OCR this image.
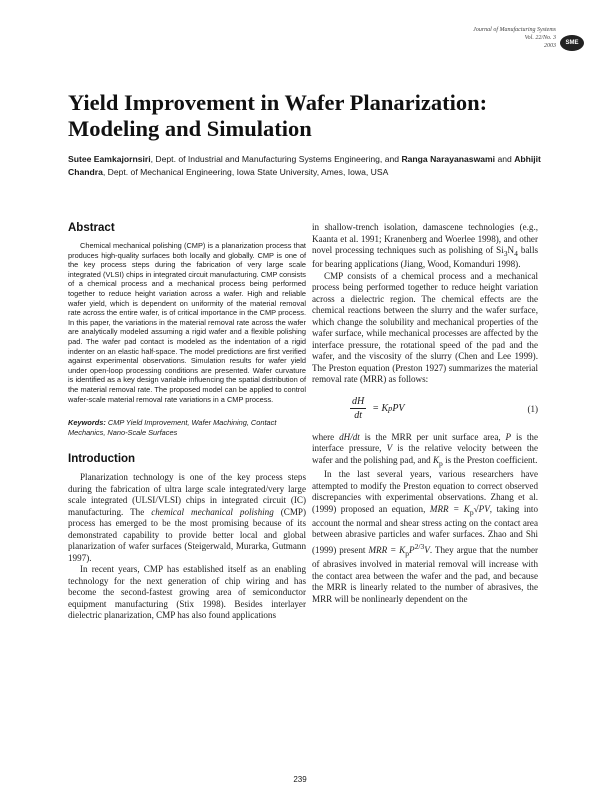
Journal of Manufacturing Systems
Vol. 22/No. 3
2003	SME
Yield Improvement in Wafer Planarization: Modeling and Simulation
Sutee Eamkajornsiri, Dept. of Industrial and Manufacturing Systems Engineering, and Ranga Narayanaswami and Abhijit Chandra, Dept. of Mechanical Engineering, Iowa State University, Ames, Iowa, USA
Abstract

Chemical mechanical polishing (CMP) is a planarization process that produces high-quality surfaces both locally and globally. CMP is one of the key process steps during the fabrication of very large scale integrated (VLSI) chips in integrated circuit manufacturing. CMP consists of a chemical process and a mechanical process being performed together to reduce height variation across a wafer. High and reliable wafer yield, which is dependent on uniformity of the material removal rate across the entire wafer, is of critical importance in the CMP process. In this paper, the variations in the material removal rate across the wafer are analytically modeled assuming a rigid wafer and a flexible polishing pad. The wafer pad contact is modeled as the indentation of a rigid indenter on an elastic half-space. The model predictions are first verified against experimental observations. Simulation results for wafer yield under open-loop processing conditions are presented. Wafer curvature is identified as a key design variable influencing the spatial distribution of the material removal rate. The proposed model can be applied to control wafer-scale material removal rate variations in a CMP process.

Keywords: CMP Yield Improvement, Wafer Machining, Contact Mechanics, Nano-Scale Surfaces

Introduction

Planarization technology is one of the key process steps during the fabrication of ultra large scale integrated/very large scale integrated (ULSI/VLSI) chips in integrated circuit (IC) manufacturing. The chemical mechanical polishing (CMP) process has emerged to be the most promising because of its demonstrated capability to provide better local and global planarization of wafer surfaces (Steigerwald, Murarka, Gutmann 1997).

In recent years, CMP has established itself as an enabling technology for the next generation of chip wiring and has become the second-fastest growing area of semiconductor equipment manufacturing (Stix 1998). Besides interlayer dielectric planarization, CMP has also found applications

in shallow-trench isolation, damascene technologies (e.g., Kaanta et al. 1991; Kranenberg and Woerlee 1998), and other novel processing techniques such as polishing of $Si_3N_4$ balls for bearing applications (Jiang, Wood, Komanduri 1998).

CMP consists of a chemical process and a mechanical process being performed together to reduce height variation across a dielectric region. The chemical effects are the chemical reactions between the slurry and the wafer surface, which change the solubility and mechanical properties of the wafer surface, while mechanical processes are affected by the interface pressure, the rotational speed of the pad and the wafer, and the viscosity of the slurry (Chen and Lee 1999). The Preston equation (Preston 1927) summarizes the material removal rate (MRR) as follows:

$\frac{dH}{dt} = K$ p PV	(1)

where dH/dt is the MRR per unit surface area, P is the interface pressure, V is the relative velocity between the wafer and the polishing pad, and $K_p$ is the Preston coefficient.

In the last several years, various researchers have attempted to modify the Preston equation to correct observed discrepancies with experimental observations. Zhang et al. (1999) proposed an equation, MRR = $K_p√PV$, taking into account the normal and shear stress acting on the contact area between abrasive particles and wafer surfaces. Zhao and Shi (1999) present MRR = $K_pP^{2/3}V$. They argue that the number of abrasives involved in material removal will increase with the contact area between the wafer and the pad, and because the MRR is linearly related to the number of abrasives, the MRR will be nonlinearly dependent on the

239
